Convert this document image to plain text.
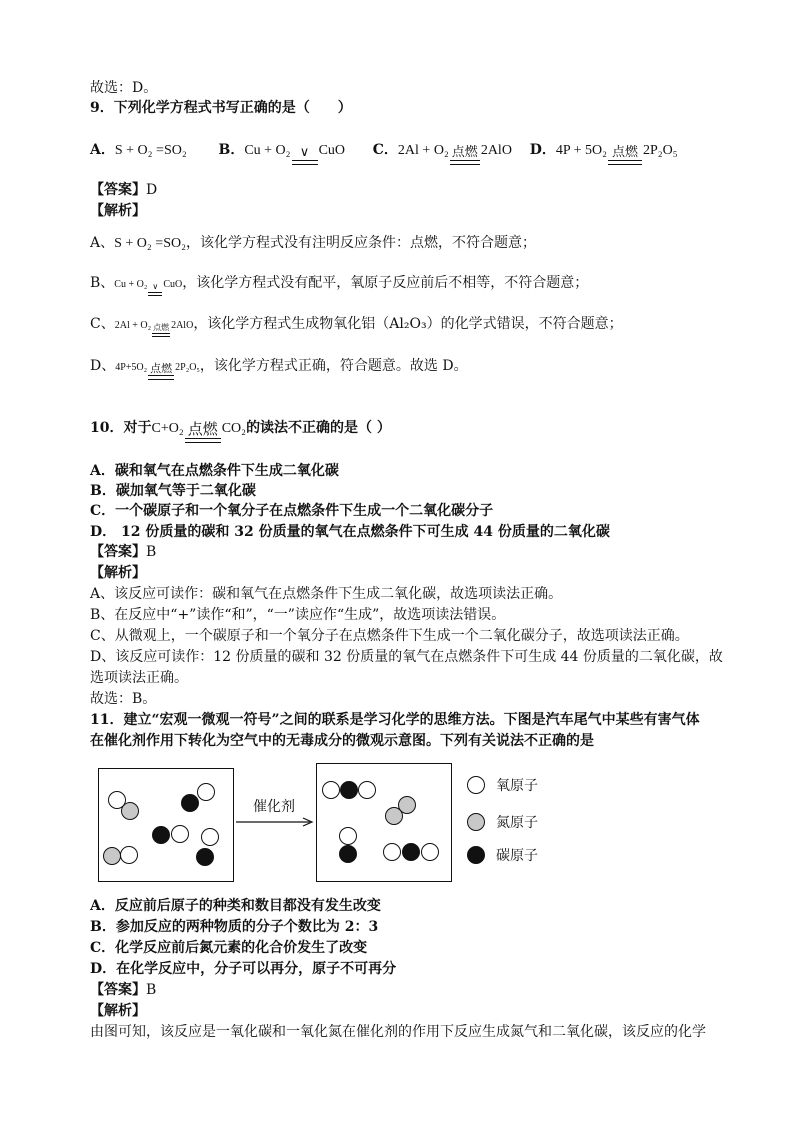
故选：D。
9．下列化学方程式书写正确的是（　　）
A．S + O₂ =SO₂ B．Cu + O₂ ∨ CuO C．2Al + O₂ 点燃 2AlO D．4P + 5O₂ 点燃 2P₂O₅
【答案】D
【解析】
A、S + O₂ =SO₂，该化学方程式没有注明反应条件：点燃，不符合题意；
B、Cu + O₂ ∨ CuO，该化学方程式没有配平，氧原子反应前后不相等，不符合题意；
C、2Al + O₂ 点燃 2AlO，该化学方程式生成物氧化铝（Al₂O₃）的化学式错误，不符合题意；
D、4P+5O₂ 点燃 2P₂O₅，该化学方程式正确，符合题意。故选 D。
10．对于C+O₂ 点燃 CO₂的读法不正确的是（ ）
A．碳和氧气在点燃条件下生成二氧化碳
B．碳加氧气等于二氧化碳
C．一个碳原子和一个氧分子在点燃条件下生成一个二氧化碳分子
D． 12 份质量的碳和 32 份质量的氧气在点燃条件下可生成 44 份质量的二氧化碳
【答案】B
【解析】
A、该反应可读作：碳和氧气在点燃条件下生成二氧化碳，故选项读法正确。
B、在反应中“+”读作“和”，“一”读应作“生成”，故选项读法错误。
C、从微观上，一个碳原子和一个氧分子在点燃条件下生成一个二氧化碳分子，故选项读法正确。
D、该反应可读作：12 份质量的碳和 32 份质量的氧气在点燃条件下可生成 44 份质量的二氧化碳，故
选项读法正确。
故选：B。
11．建立“宏观一微观一符号”之间的联系是学习化学的思维方法。下图是汽车尾气中某些有害气体
在催化剂作用下转化为空气中的无毒成分的微观示意图。下列有关说法不正确的是
催化剂
氧原子
氮原子
碳原子
A．反应前后原子的种类和数目都没有发生改变
B．参加反应的两种物质的分子个数比为 2：3
C．化学反应前后氮元素的化合价发生了改变
D．在化学反应中，分子可以再分，原子不可再分
【答案】B
【解析】
由图可知，该反应是一氧化碳和一氧化氮在催化剂的作用下反应生成氮气和二氧化碳，该反应的化学
